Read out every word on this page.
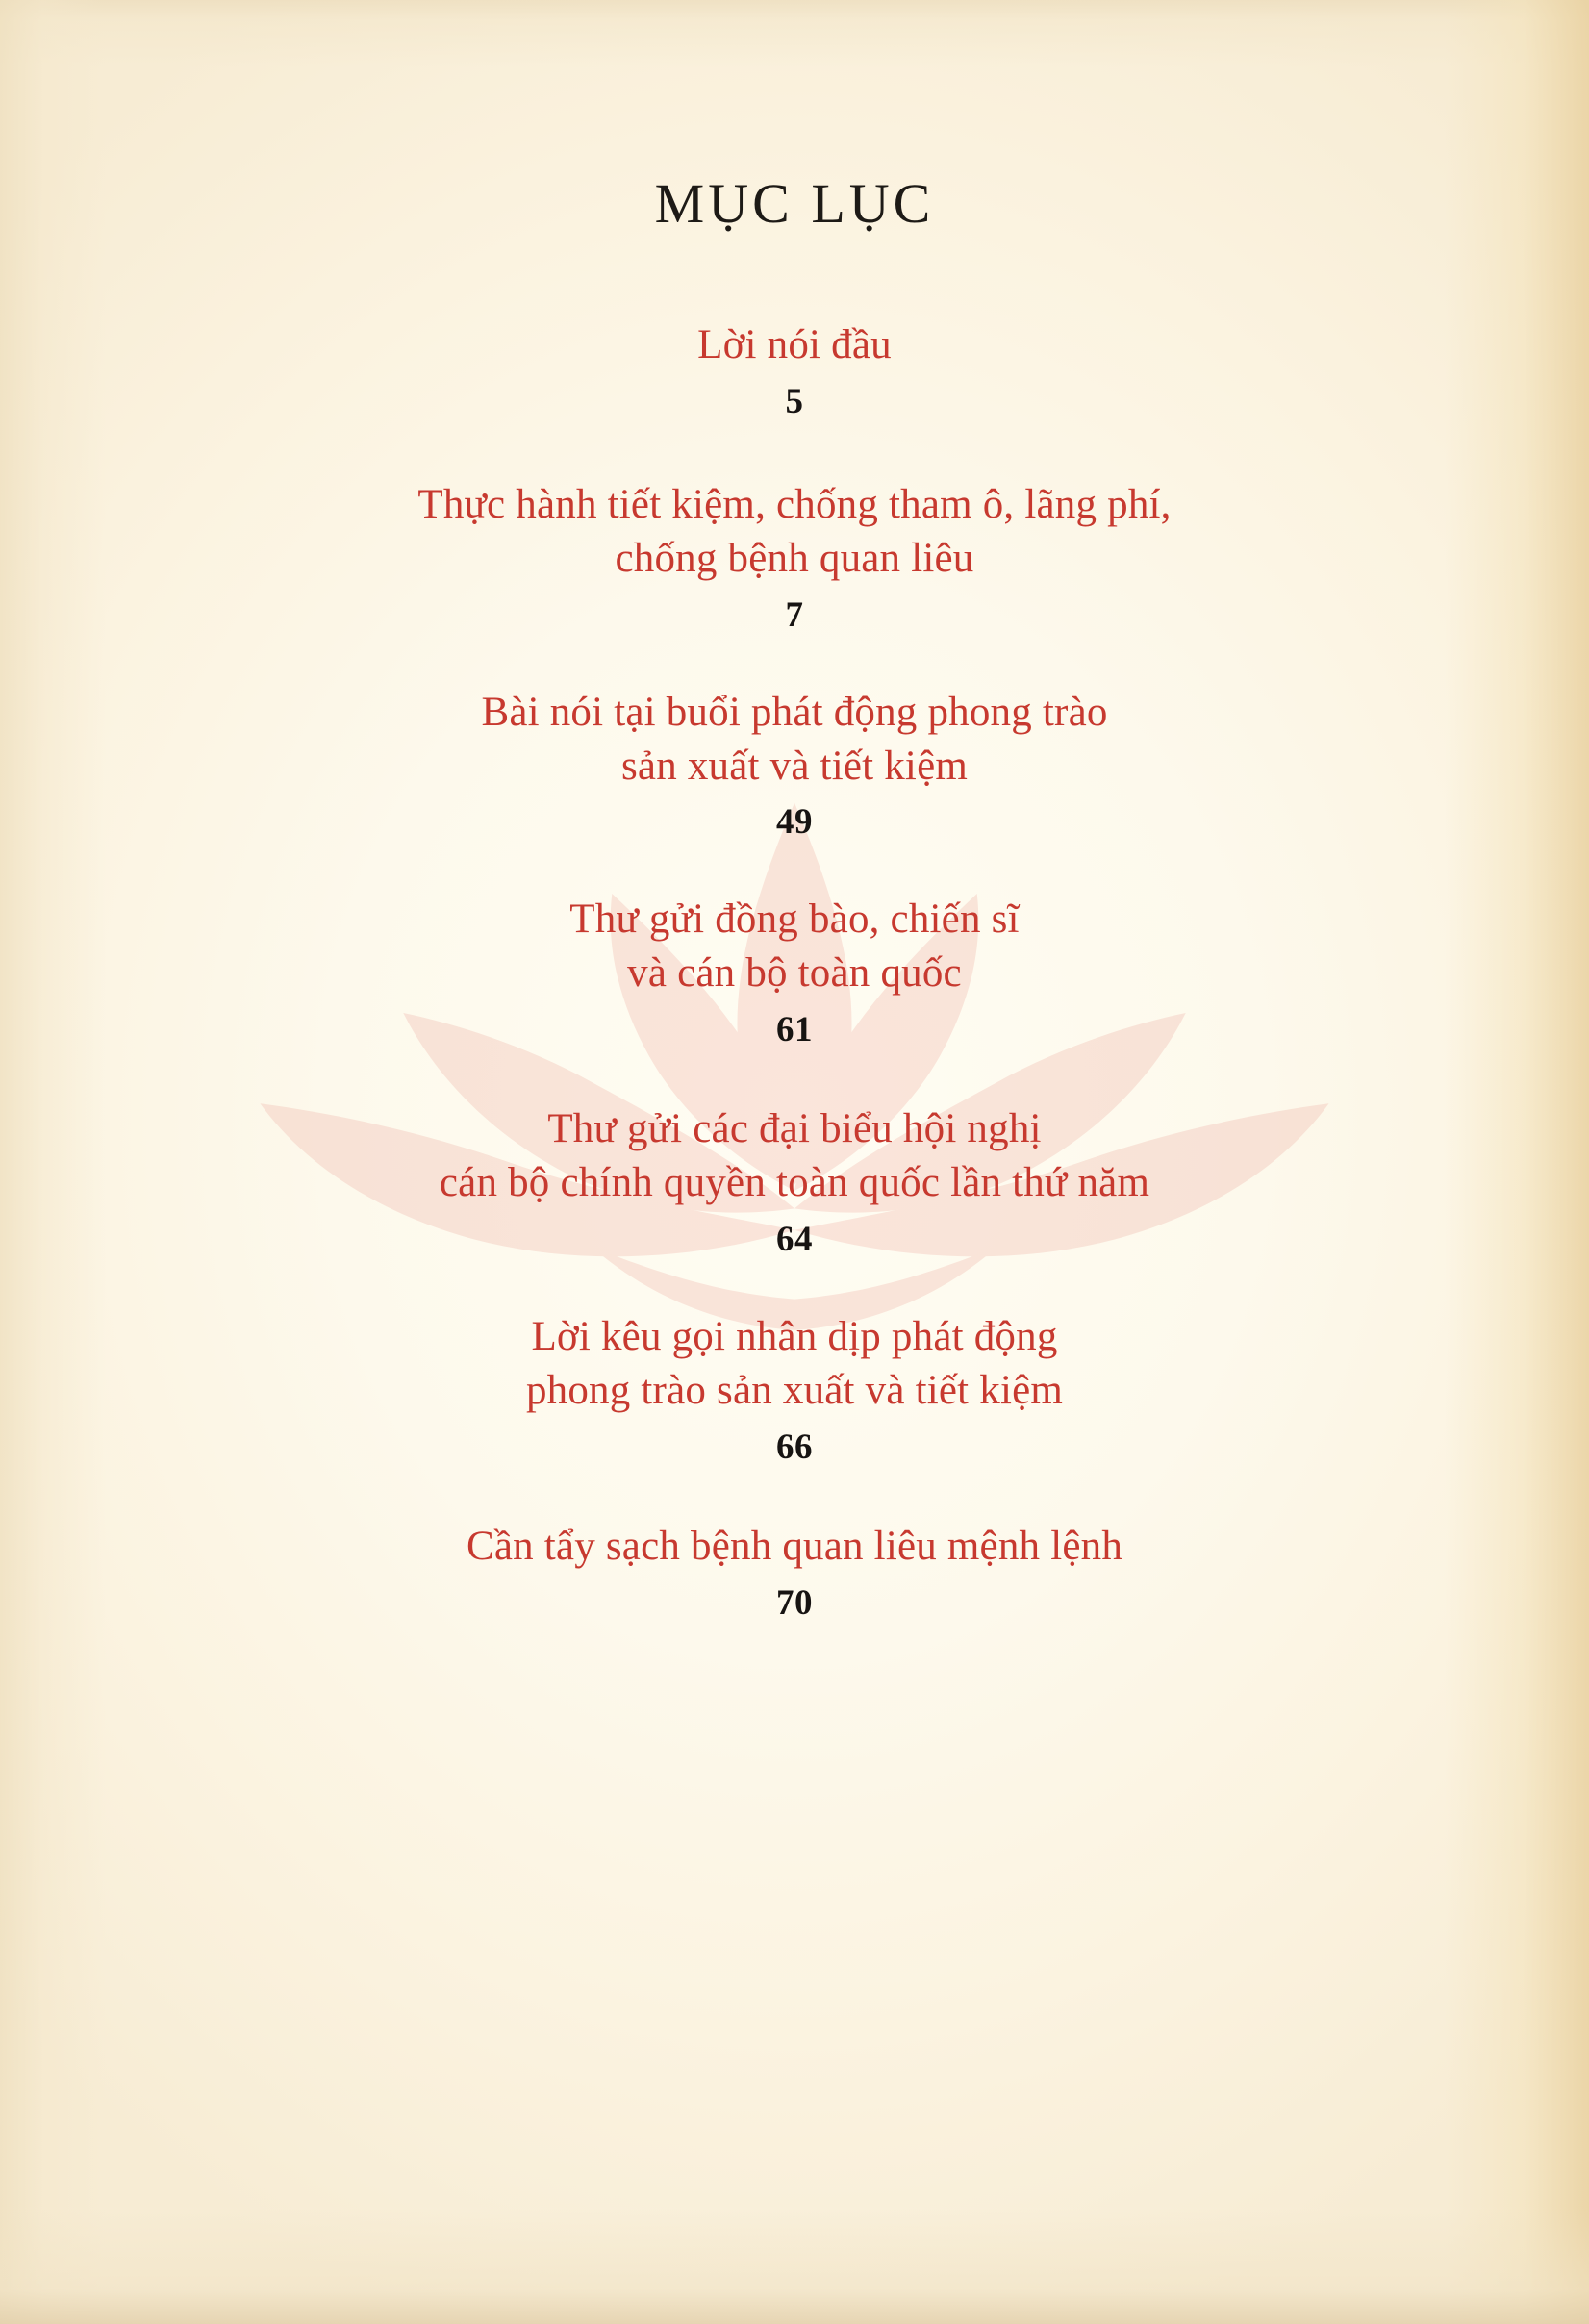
MỤC LỤC
Lời nói đầu
5
Thực hành tiết kiệm, chống tham ô, lãng phí,
chống bệnh quan liêu
7
Bài nói tại buổi phát động phong trào
sản xuất và tiết kiệm
49
Thư gửi đồng bào, chiến sĩ
và cán bộ toàn quốc
61
Thư gửi các đại biểu hội nghị
cán bộ chính quyền toàn quốc lần thứ năm
64
Lời kêu gọi nhân dịp phát động
phong trào sản xuất và tiết kiệm
66
Cần tẩy sạch bệnh quan liêu mệnh lệnh
70
